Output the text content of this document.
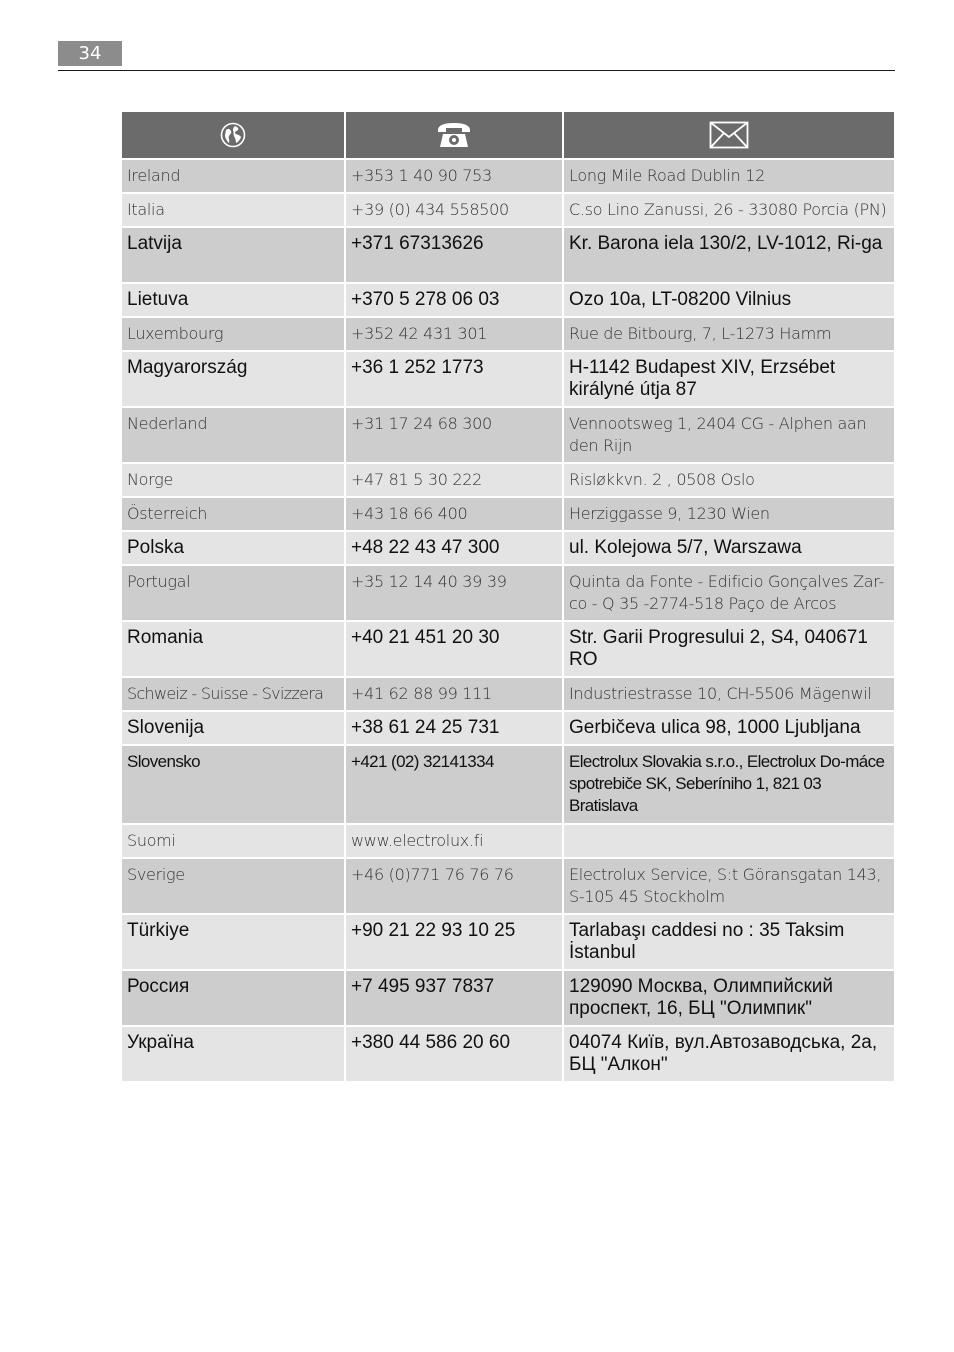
34

Ireland	+353 1 40 90 753	Long Mile Road Dublin 12
Italia	+39 (0) 434 558500	C.so Lino Zanussi, 26 - 33080 Porcia (PN)
Latvija	+371 67313626	Kr. Barona iela 130/2, LV-1012, Ri-ga
Lietuva	+370 5 278 06 03	Ozo 10a, LT-08200 Vilnius
Luxembourg	+352 42 431 301	Rue de Bitbourg, 7, L-1273 Hamm
Magyarország	+36 1 252 1773	H-1142 Budapest XIV, Erzsébet királyné útja 87
Nederland	+31 17 24 68 300	Vennootsweg 1, 2404 CG - Alphen aan den Rijn
Norge	+47 81 5 30 222	Risløkkvn. 2 , 0508 Oslo
Österreich	+43 18 66 400	Herziggasse 9, 1230 Wien
Polska	+48 22 43 47 300	ul. Kolejowa 5/7, Warszawa
Portugal	+35 12 14 40 39 39	Quinta da Fonte - Edificio Gonçalves Zar-co - Q 35 -2774-518 Paço de Arcos
Romania	+40 21 451 20 30	Str. Garii Progresului 2, S4, 040671 RO
Schweiz - Suisse - Svizzera	+41 62 88 99 111	Industriestrasse 10, CH-5506 Mägenwil
Slovenija	+38 61 24 25 731	Gerbičeva ulica 98, 1000 Ljubljana
Slovensko	+421 (02) 32141334	Electrolux Slovakia s.r.o., Electrolux Do-máce spotrebiče SK, Seberíniho 1, 821 03 Bratislava
Suomi	www.electrolux.fi	
Sverige	+46 (0)771 76 76 76	Electrolux Service, S:t Göransgatan 143, S-105 45 Stockholm
Türkiye	+90 21 22 93 10 25	Tarlabaşı caddesi no : 35 Taksim İstanbul
Россия	+7 495 937 7837	129090 Москва, Олимпийский проспект, 16, БЦ "Олимпик"
Україна	+380 44 586 20 60	04074 Київ, вул.Автозаводська, 2а, БЦ "Алкон"
